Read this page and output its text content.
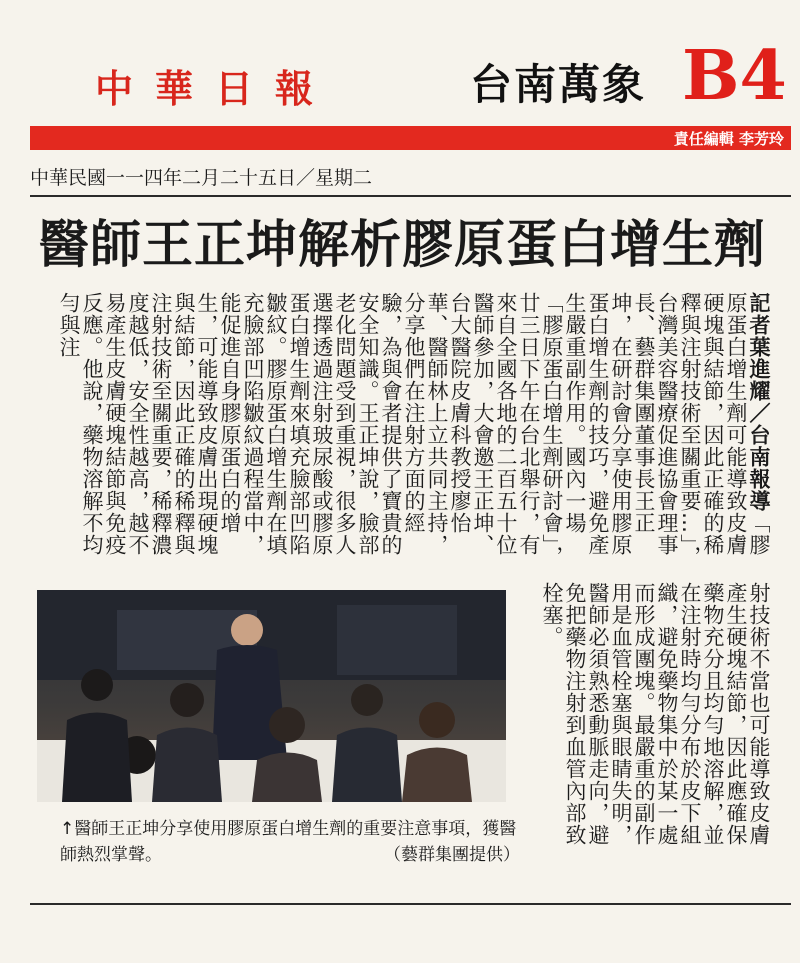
中華日報	台南萬象 B4
責任編輯 李芳玲
中華民國一一四年二月二十五日／星期二
醫師王正坤解析膠原蛋白增生劑
記者葉進耀／台南報導「膠原蛋白增生劑可能導致皮膚硬塊與結節，因此正確的稀釋與注射技術至關重要…」，台灣美容醫療促進協會理事長、藝群集團董事長王正坤，在研討會分享使用膠原蛋白增生劑的技巧，避免產生嚴重副作用。國內一場「膠原蛋白增生劑研討會」，廿三日下午在台北舉行，有來自全國各地的二百五十位醫師參加，大會邀王正坤、台大醫院皮膚科教授廖怡華、醫師林上立共同主持，分享他們在注射方面的經驗，為與會者提供了寶貴的安全知識。王正坤說，臉部老化問題受到重視，很多人選擇透過注射玻尿酸或膠原蛋白增生劑來填充臉部凹陷皺紋。膠原蛋白增生劑在填充臉部凹陷皺紋過程當中，能促進自身膠原蛋白的增生，可能導致皮膚出現硬塊與結節，因此正確的稀釋與注射技術至關重要，稀釋濃度越低，安全性越高，越不易產生皮膚硬塊結節與免疫反應。他說，藥物溶解不均勻與注
射技術不當也可能導致皮膚產生硬塊結節，因此應確保藥物充分且均勻地溶解，並在注射時均勻分布於皮下組織，避免藥物集中於某一處而形成團塊。最嚴重的副作用是血管栓塞與眼睛失明，醫師必須熟悉動脈走向，避免把藥物注射到血管內部致栓塞。
↑醫師王正坤分享使用膠原蛋白增生劑的重要注意事項，獲醫師熱烈掌聲。	（藝群集團提供）
